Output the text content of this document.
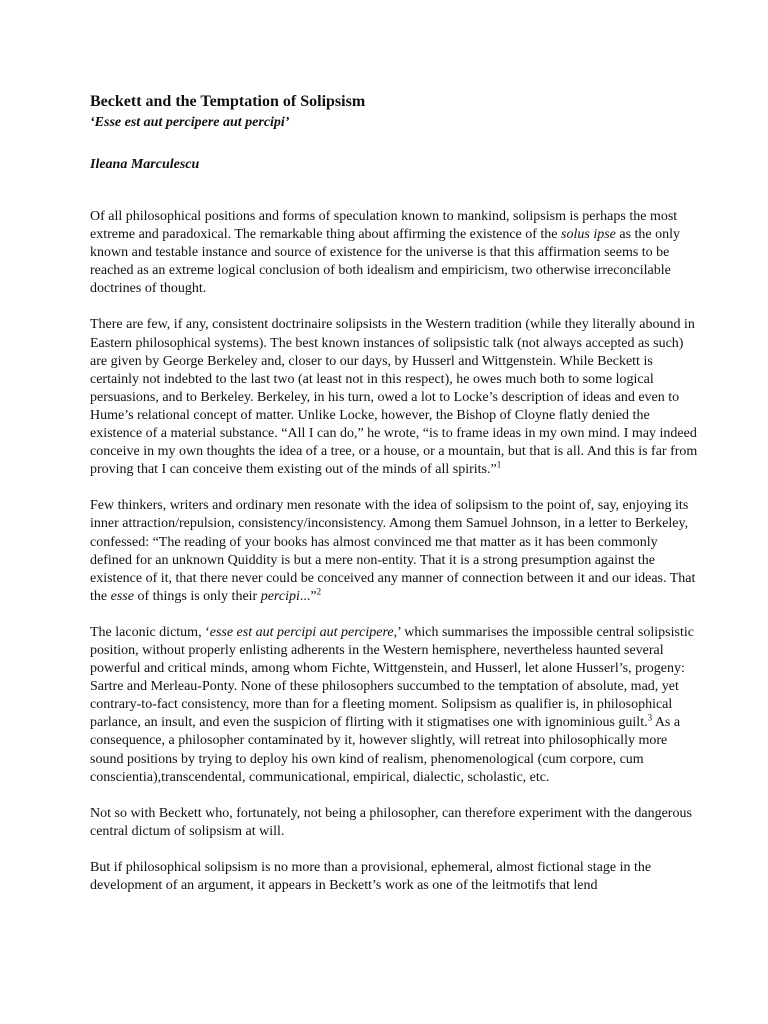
Beckett and the Temptation of Solipsism
‘Esse est aut percipere aut percipi’
Ileana Marculescu

Of all philosophical positions and forms of speculation known to mankind, solipsism is perhaps the most extreme and paradoxical. The remarkable thing about affirming the existence of the solus ipse as the only known and testable instance and source of existence for the universe is that this affirmation seems to be reached as an extreme logical conclusion of both idealism and empiricism, two otherwise irreconcilable doctrines of thought.

There are few, if any, consistent doctrinaire solipsists in the Western tradition (while they literally abound in Eastern philosophical systems). The best known instances of solipsistic talk (not always accepted as such) are given by George Berkeley and, closer to our days, by Husserl and Wittgenstein. While Beckett is certainly not indebted to the last two (at least not in this respect), he owes much both to some logical persuasions, and to Berkeley. Berkeley, in his turn, owed a lot to Locke’s description of ideas and even to Hume’s relational concept of matter. Unlike Locke, however, the Bishop of Cloyne flatly denied the existence of a material substance. “All I can do,” he wrote, “is to frame ideas in my own mind. I may indeed conceive in my own thoughts the idea of a tree, or a house, or a mountain, but that is all. And this is far from proving that I can conceive them existing out of the minds of all spirits.”$^1$

Few thinkers, writers and ordinary men resonate with the idea of solipsism to the point of, say, enjoying its inner attraction/repulsion, consistency/inconsistency. Among them Samuel Johnson, in a letter to Berkeley, confessed: “The reading of your books has almost convinced me that matter as it has been commonly defined for an unknown Quiddity is but a mere non-entity. That it is a strong presumption against the existence of it, that there never could be conceived any manner of connection between it and our ideas. That the esse of things is only their percipi...”$^2$

The laconic dictum, ‘esse est aut percipi aut percipere,’ which summarises the impossible central solipsistic position, without properly enlisting adherents in the Western hemisphere, nevertheless haunted several powerful and critical minds, among whom Fichte, Wittgenstein, and Husserl, let alone Husserl’s, progeny: Sartre and Merleau-Ponty. None of these philosophers succumbed to the temptation of absolute, mad, yet contrary-to-fact consistency, more than for a fleeting moment. Solipsism as qualifier is, in philosophical parlance, an insult, and even the suspicion of flirting with it stigmatises one with ignominious guilt.$^3$ As a consequence, a philosopher contaminated by it, however slightly, will retreat into philosophically more sound positions by trying to deploy his own kind of realism, phenomenological (cum corpore, cum conscientia),transcendental, communicational, empirical, dialectic, scholastic, etc.

Not so with Beckett who, fortunately, not being a philosopher, can therefore experiment with the dangerous central dictum of solipsism at will.

But if philosophical solipsism is no more than a provisional, ephemeral, almost fictional stage in the development of an argument, it appears in Beckett’s work as one of the leitmotifs that lend
